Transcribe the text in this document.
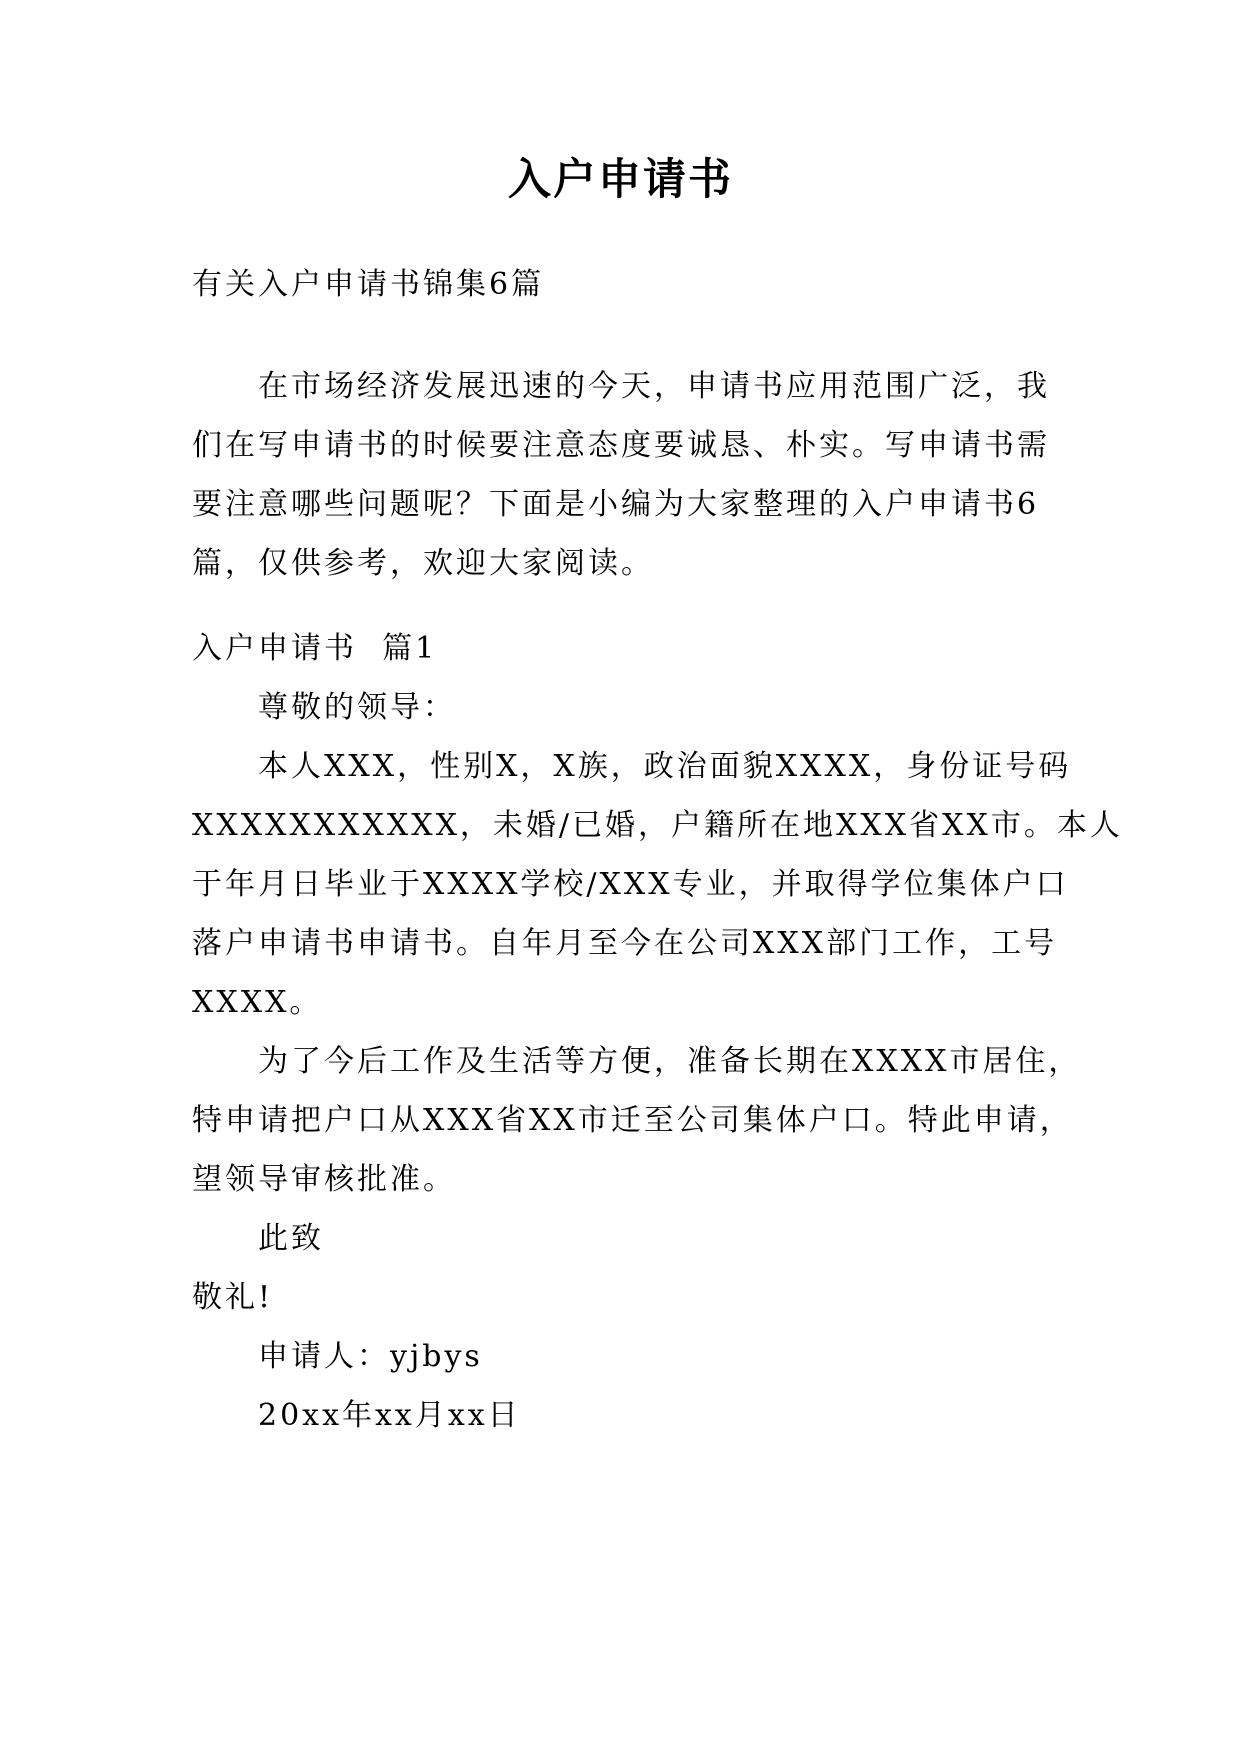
入户申请书
有关入户申请书锦集6篇
在市场经济发展迅速的今天，申请书应用范围广泛，我
们在写申请书的时候要注意态度要诚恳、朴实。写申请书需
要注意哪些问题呢？下面是小编为大家整理的入户申请书6
篇，仅供参考，欢迎大家阅读。
入户申请书  篇1
尊敬的领导：
本人XXX，性别X，X族，政治面貌XXXX，身份证号码
XXXXXXXXXXX，未婚/已婚，户籍所在地XXX省XX市。本人
于年月日毕业于XXXX学校/XXX专业，并取得学位集体户口
落户申请书申请书。自年月至今在公司XXX部门工作，工号
XXXX。
为了今后工作及生活等方便，准备长期在XXXX市居住，
特申请把户口从XXX省XX市迁至公司集体户口。特此申请，
望领导审核批准。
此致
敬礼!
申请人：yjbys
20xx年xx月xx日
